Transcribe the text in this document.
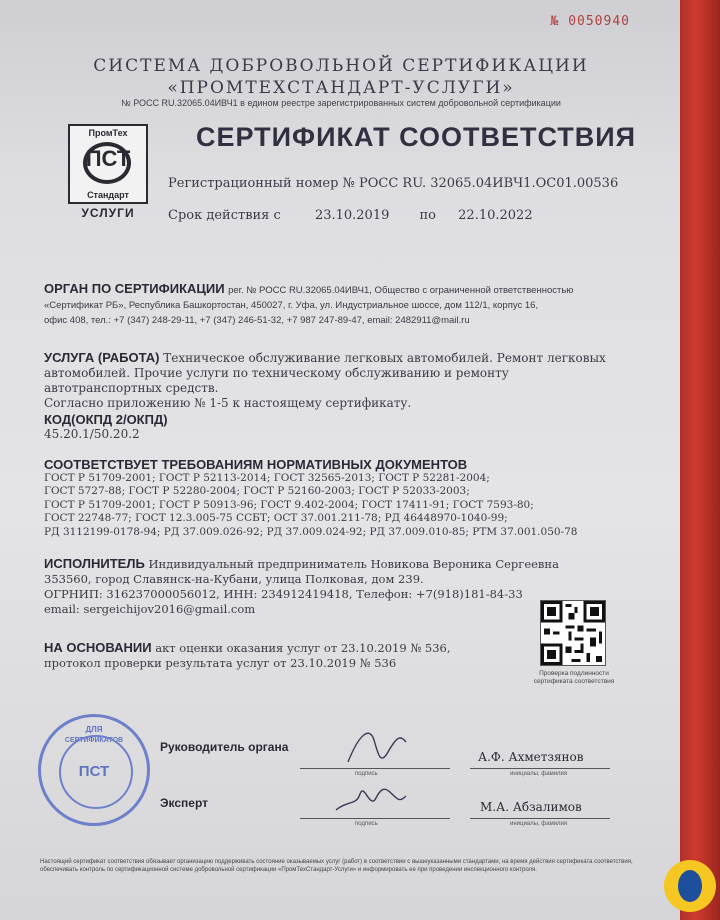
№ 0050940
СИСТЕМА ДОБРОВОЛЬНОЙ СЕРТИФИКАЦИИ
«ПРОМТЕХСТАНДАРТ-УСЛУГИ»
№ РОСС RU.32065.04ИВЧ1 в едином реестре зарегистрированных систем добровольной сертификации
ПромТех
ПСТ
Стандарт
УСЛУГИ
СЕРТИФИКАТ СООТВЕТСТВИЯ
Регистрационный номер № РОСС RU. 32065.04ИВЧ1.ОС01.00536
Срок действия с	23.10.2019 по 22.10.2022
ОРГАН ПО СЕРТИФИКАЦИИ рег. № РОСС RU.32065.04ИВЧ1, Общество с ограниченной ответственностью
«Сертификат РБ», Республика Башкортостан, 450027, г. Уфа, ул. Индустриальное шоссе, дом 112/1, корпус 16,
офис 408, тел.: +7 (347) 248-29-11, +7 (347) 246-51-32, +7 987 247-89-47, email: 2482911@mail.ru
УСЛУГА (РАБОТА) Техническое обслуживание легковых автомобилей. Ремонт легковых
автомобилей. Прочие услуги по техническому обслуживанию и ремонту автотранспортных средств.
Согласно приложению № 1-5 к настоящему сертификату.
КОД(ОКПД 2/ОКПД)
45.20.1/50.20.2
СООТВЕТСТВУЕТ ТРЕБОВАНИЯМ НОРМАТИВНЫХ ДОКУМЕНТОВ
ГОСТ Р 51709-2001; ГОСТ Р 52113-2014; ГОСТ 32565-2013; ГОСТ Р 52281-2004;
ГОСТ 5727-88; ГОСТ Р 52280-2004; ГОСТ Р 52160-2003; ГОСТ Р 52033-2003;
ГОСТ Р 51709-2001; ГОСТ Р 50913-96; ГОСТ 9.402-2004; ГОСТ 17411-91; ГОСТ 7593-80;
ГОСТ 22748-77; ГОСТ 12.3.005-75 ССБТ; ОСТ 37.001.211-78; РД 46448970-1040-99;
РД 3112199-0178-94; РД 37.009.026-92; РД 37.009.024-92; РД 37.009.010-85; РТМ 37.001.050-78
ИСПОЛНИТЕЛЬ Индивидуальный предприниматель Новикова Вероника Сергеевна
353560, город Славянск-на-Кубани, улица Полковая, дом 239.
ОГРНИП: 316237000056012, ИНН: 234912419418, Телефон: +7(918)181-84-33
email: sergeichijov2016@gmail.com
НА ОСНОВАНИИ акт оценки оказания услуг от 23.10.2019 № 536,
протокол проверки результата услуг от 23.10.2019 № 536
Проверка подлинности сертификата соответствия
ДЛЯ
СЕРТИФИКАТОВ
ПСТ
Руководитель органа
подпись
А.Ф. Ахметзянов
инициалы, фамилия
Эксперт
подпись
М.А. Абзалимов
инициалы, фамилия
Настоящий сертификат соответствия обязывает организацию поддерживать состояние оказываемых услуг (работ) в соответствии с вышеуказанными стандартами, на время действия сертификата соответствия, обеспечивать контроль по сертификационной системе добровольной сертификации «ПромТехСтандарт-Услуги» и информировать ее при проведении инспекционного контроля.
